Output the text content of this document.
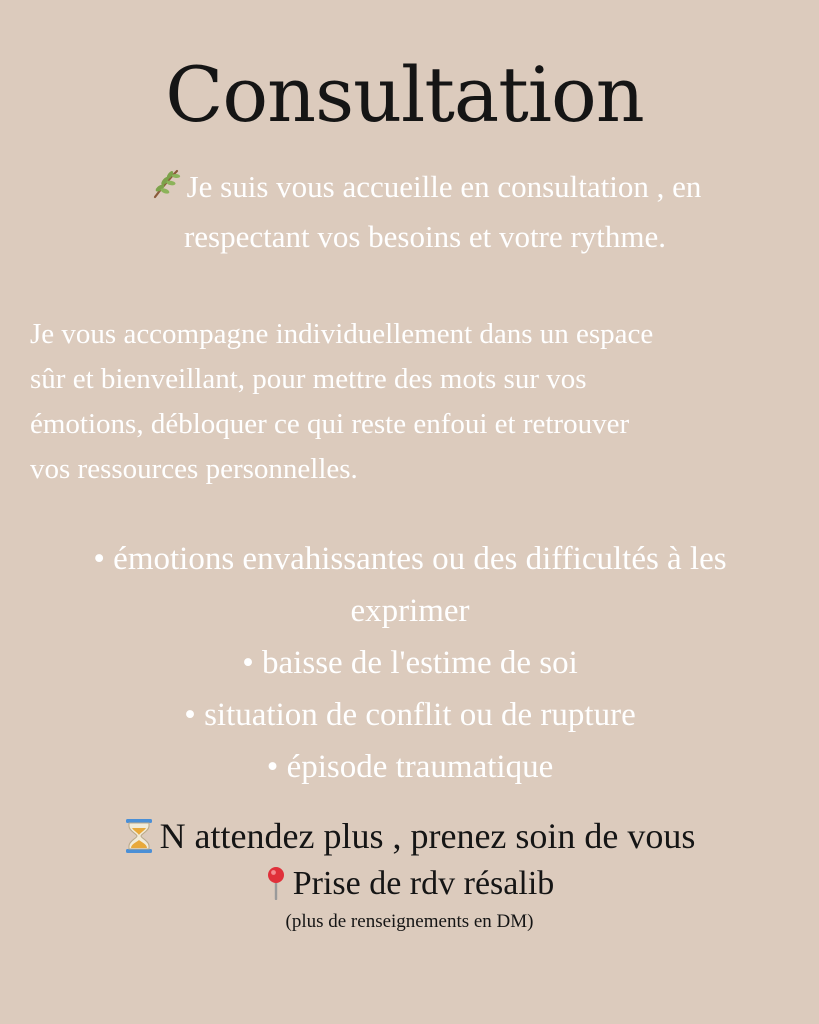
Consultation
Je suis vous accueille en consultation , en
respectant vos besoins et votre rythme.
Je vous accompagne individuellement dans un espace
sûr et bienveillant, pour mettre des mots sur vos
émotions, débloquer ce qui reste enfoui et retrouver
vos ressources personnelles.
• émotions envahissantes ou des difficultés à les
exprimer
• baisse de l'estime de soi
• situation de conflit ou de rupture
• épisode traumatique
N attendez plus , prenez soin de vous
Prise de rdv résalib
(plus de renseignements en DM)
